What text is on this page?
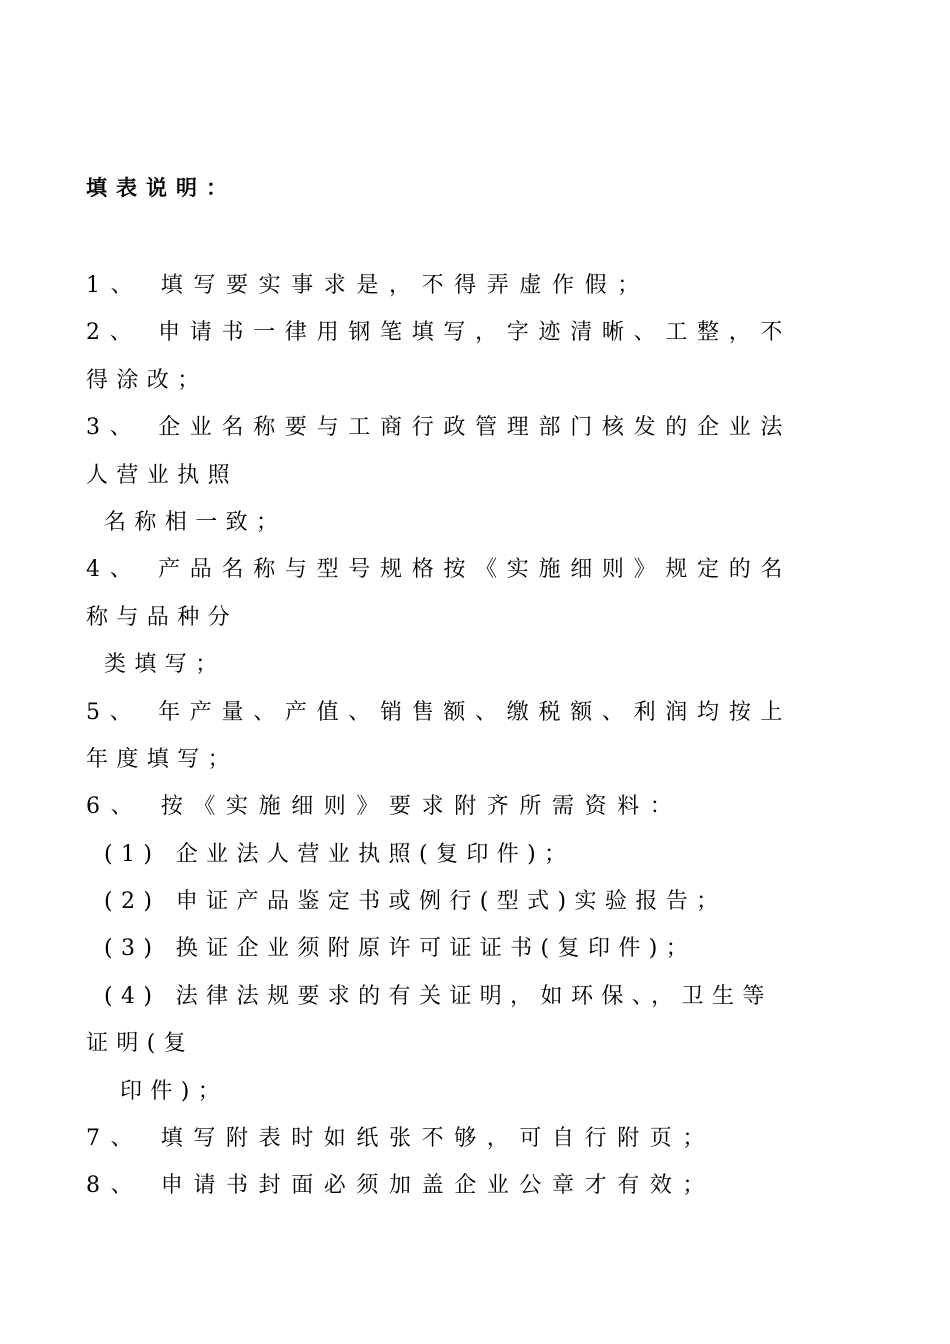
填表说明：
1、 填写要实事求是，不得弄虚作假；
2、 申请书一律用钢笔填写，字迹清晰、工整，不
得涂改；
3、 企业名称要与工商行政管理部门核发的企业法
人营业执照
名称相一致；
4、 产品名称与型号规格按《实施细则》规定的名
称与品种分
类填写；
5、 年产量、产值、销售额、缴税额、利润均按上
年度填写；
6、 按《实施细则》要求附齐所需资料：
(1) 企业法人营业执照(复印件)；
(2) 申证产品鉴定书或例行(型式)实验报告；
(3) 换证企业须附原许可证证书(复印件)；
(4) 法律法规要求的有关证明，如环保、，卫生等
证明(复
印件)；
7、 填写附表时如纸张不够，可自行附页；
8、 申请书封面必须加盖企业公章才有效；
